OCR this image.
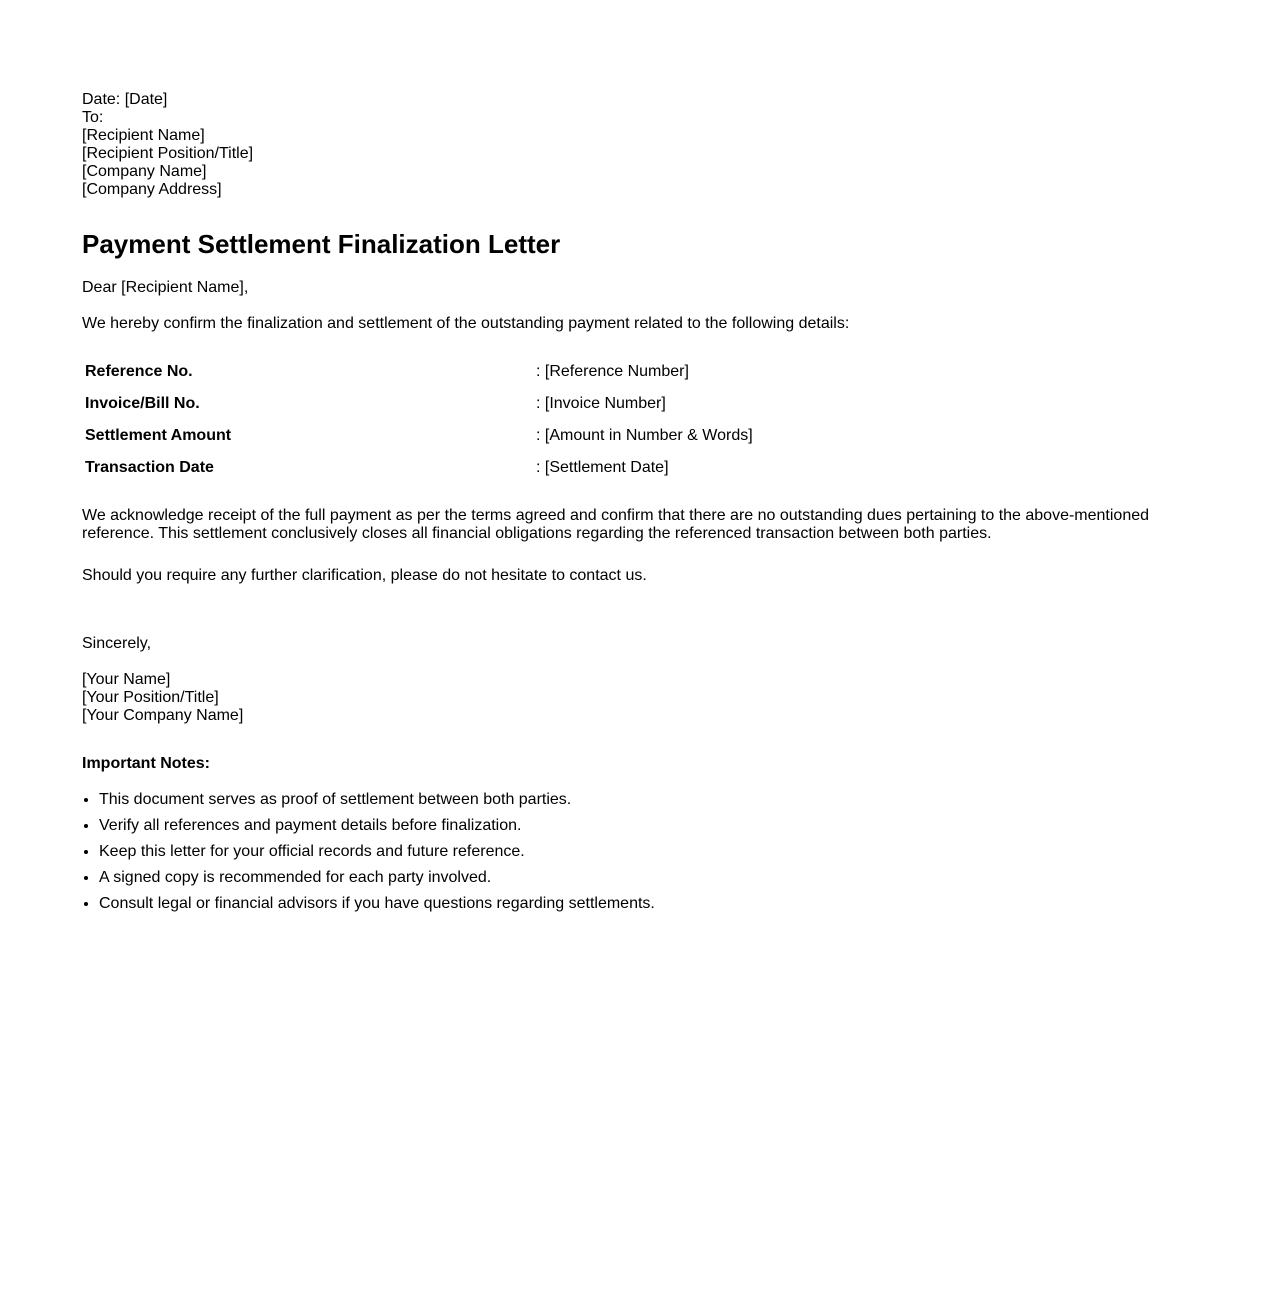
Date: [Date]
To:
[Recipient Name]
[Recipient Position/Title]
[Company Name]
[Company Address]
Payment Settlement Finalization Letter
Dear [Recipient Name],
We hereby confirm the finalization and settlement of the outstanding payment related to the following details:
Reference No.	: [Reference Number]
Invoice/Bill No.	: [Invoice Number]
Settlement Amount	: [Amount in Number & Words]
Transaction Date	: [Settlement Date]
We acknowledge receipt of the full payment as per the terms agreed and confirm that there are no outstanding dues pertaining to the above-mentioned reference. This settlement conclusively closes all financial obligations regarding the referenced transaction between both parties.
Should you require any further clarification, please do not hesitate to contact us.
Sincerely,
[Your Name]
[Your Position/Title]
[Your Company Name]
Important Notes:
• This document serves as proof of settlement between both parties.
• Verify all references and payment details before finalization.
• Keep this letter for your official records and future reference.
• A signed copy is recommended for each party involved.
• Consult legal or financial advisors if you have questions regarding settlements.
